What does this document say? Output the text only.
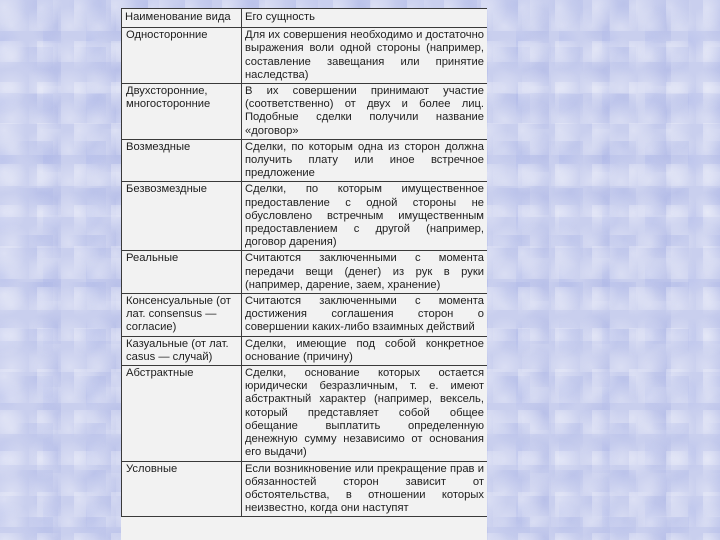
Наименование вида	Его сущность
Односторонние	Для их совершения необходимо и достаточно выражения воли одной стороны (например, составление завещания или принятие наследства)
Двухсторонние, многосторонние	В их совершении принимают участие (соответственно) от двух и более лиц. Подобные сделки получили название «договор»
Возмездные	Сделки, по которым одна из сторон должна получить плату или иное встречное предложение
Безвозмездные	Сделки, по которым имущественное предоставление с одной стороны не обусловлено встречным имущественным предоставлением с другой (например, договор дарения)
Реальные	Считаются заключенными с момента передачи вещи (денег) из рук в руки (например, дарение, заем, хранение)
Консенсуальные (от лат. consensus — согласие)	Считаются заключенными с момента достижения соглашения сторон о совершении каких-либо взаимных действий
Казуальные (от лат. casus — случай)	Сделки, имеющие под собой конкретное основание (причину)
Абстрактные	Сделки, основание которых остается юридически безразличным, т. е. имеют абстрактный характер (например, вексель, который представляет собой общее обещание выплатить определенную денежную сумму независимо от основания его выдачи)
Условные	Если возникновение или прекращение прав и обязанностей сторон зависит от обстоятельства, в отношении которых неизвестно, когда они наступят
